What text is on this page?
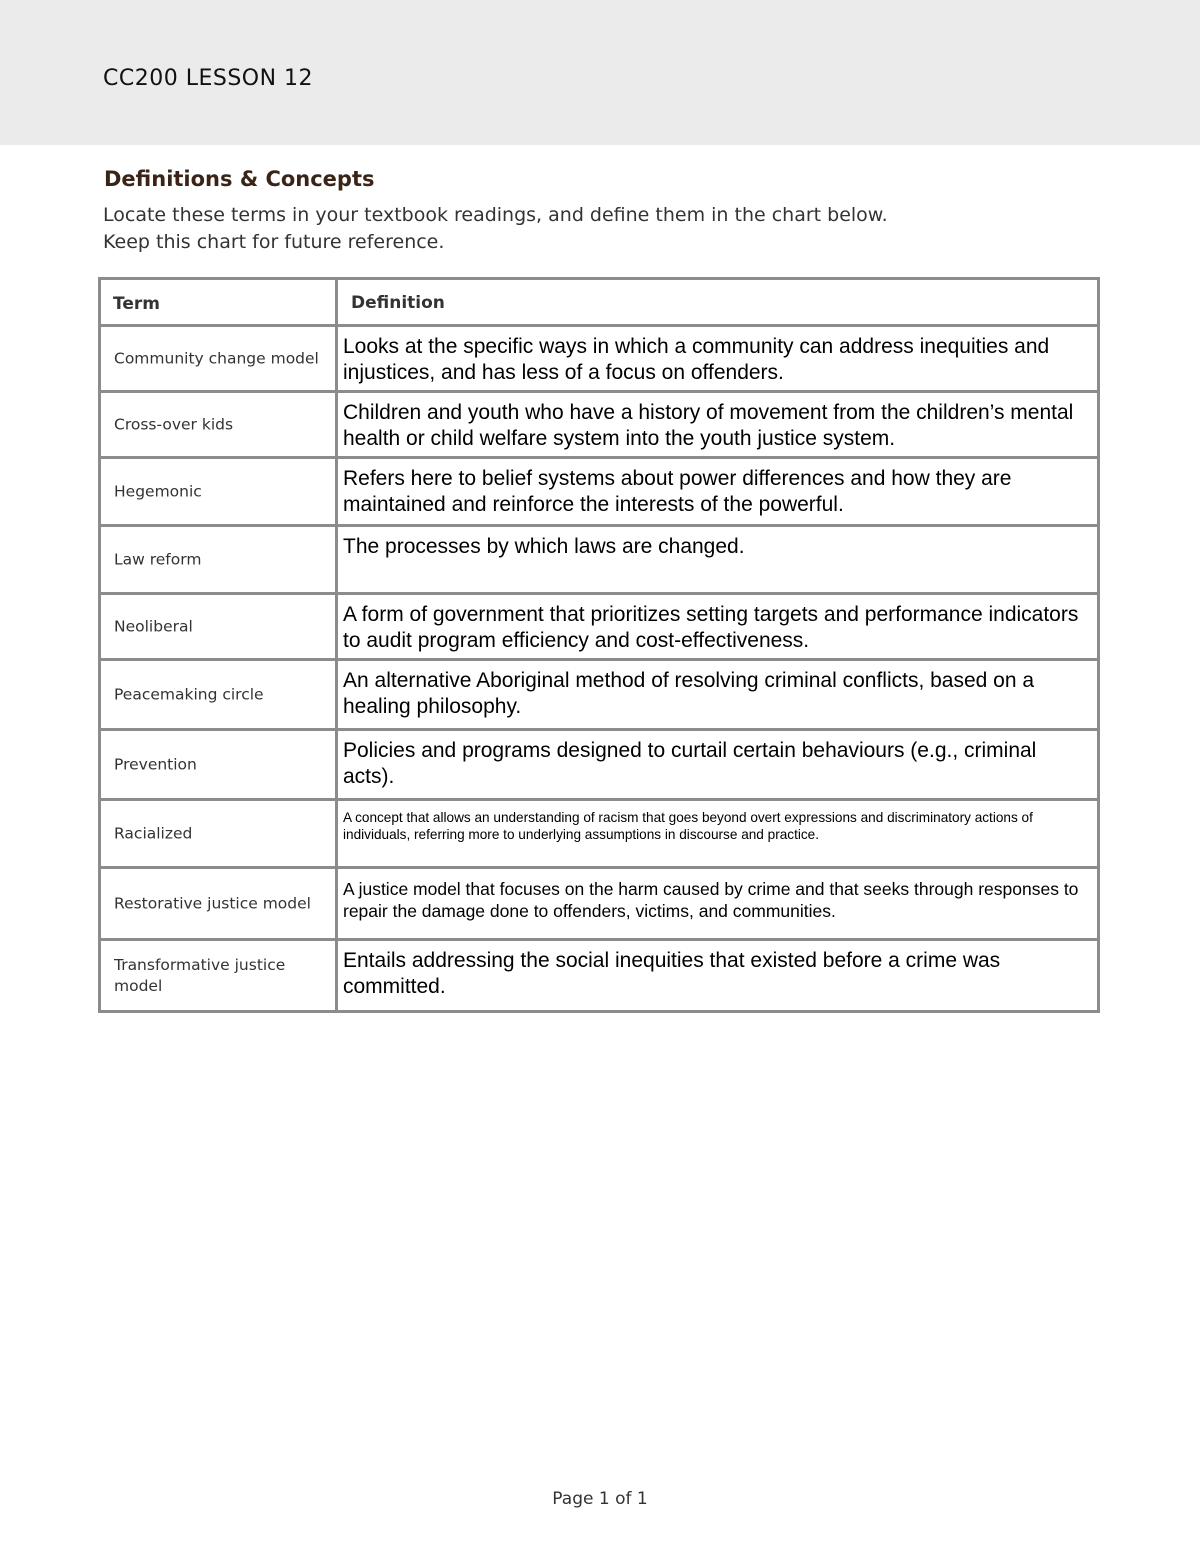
CC200 LESSON 12
Definitions & Concepts
Locate these terms in your textbook readings, and define them in the chart below.
Keep this chart for future reference.
Term	Definition

Community change model	Looks at the specific ways in which a community can address inequities and injustices, and has less of a focus on offenders.

Cross-over kids	Children and youth who have a history of movement from the children’s mental health or child welfare system into the youth justice system.

Hegemonic	Refers here to belief systems about power differences and how they are maintained and reinforce the interests of the powerful.

Law reform	The processes by which laws are changed.

Neoliberal	A form of government that prioritizes setting targets and performance indicators to audit program efficiency and cost-effectiveness.

Peacemaking circle	An alternative Aboriginal method of resolving criminal conflicts, based on a healing philosophy.

Prevention	Policies and programs designed to curtail certain behaviours (e.g., criminal acts).

Racialized	A concept that allows an understanding of racism that goes beyond overt expressions and discriminatory actions of individuals, referring more to underlying assumptions in discourse and practice.

Restorative justice model	A justice model that focuses on the harm caused by crime and that seeks through responses to repair the damage done to offenders, victims, and communities.

Transformative justice model	Entails addressing the social inequities that existed before a crime was committed.
Page 1 of 1
